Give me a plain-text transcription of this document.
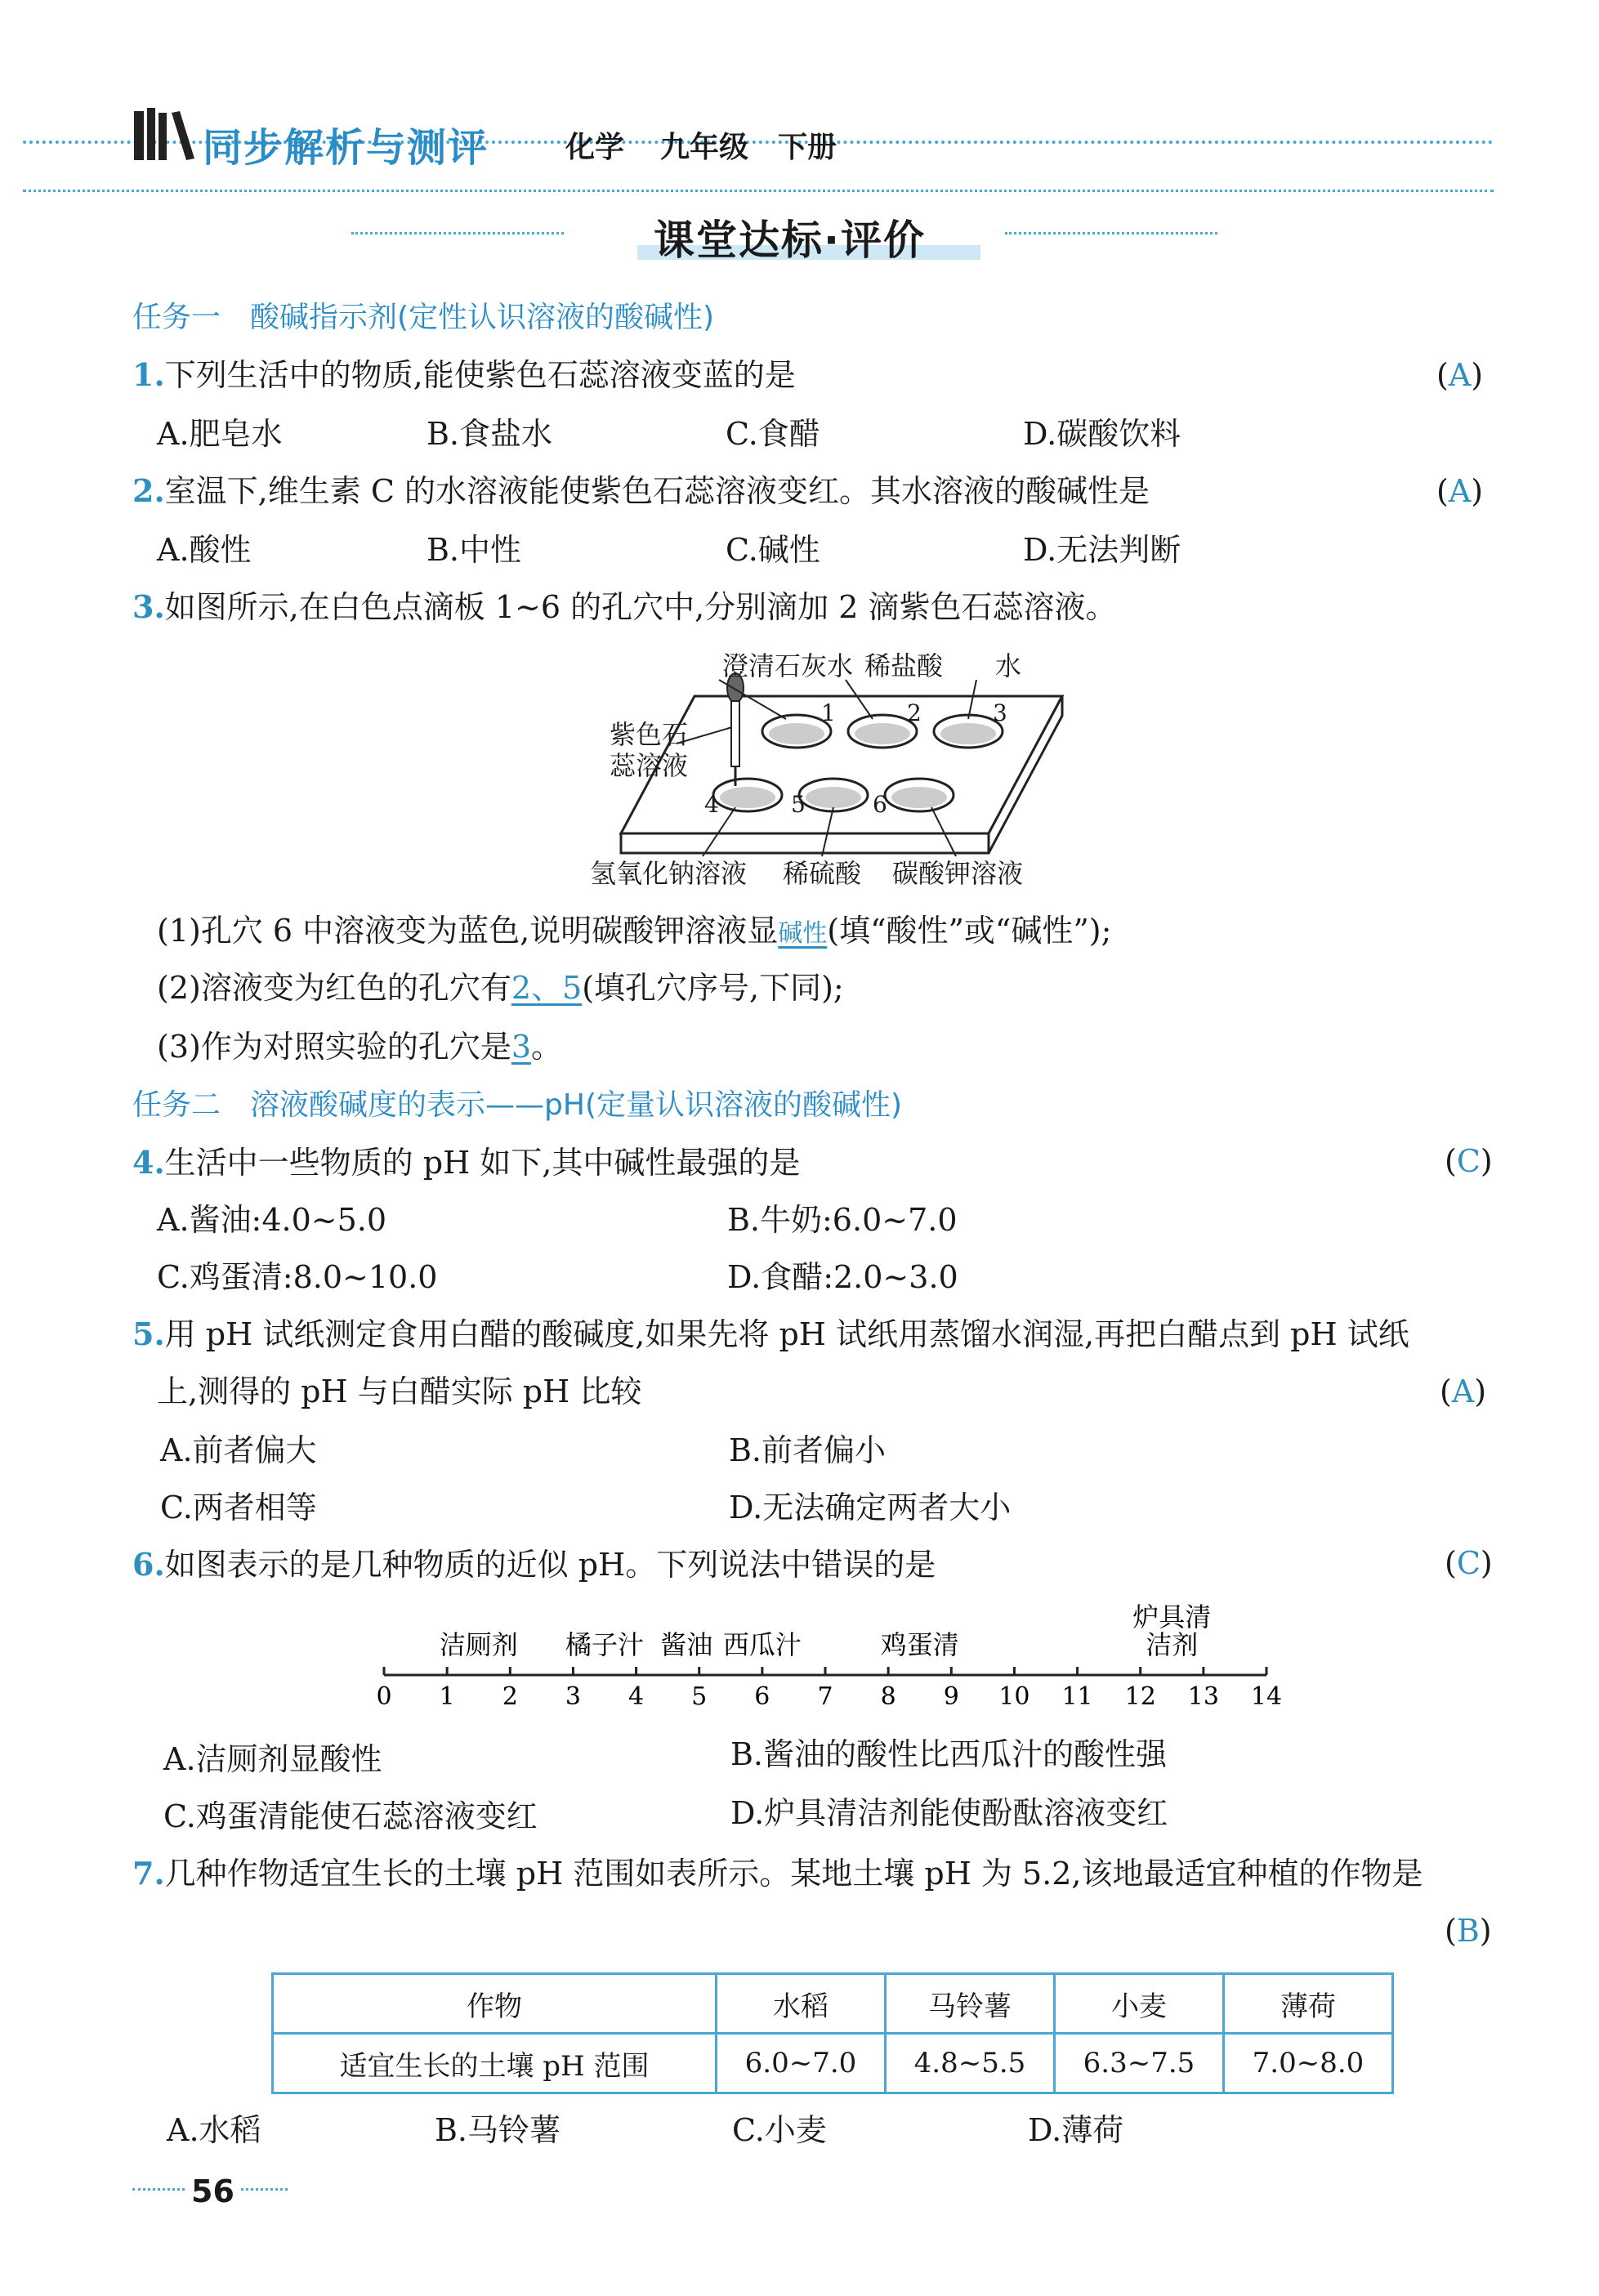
同步解析与测评	化学 九年级 下册
课堂达标·评价
任务一　酸碱指示剂(定性认识溶液的酸碱性)
1.下列生活中的物质,能使紫色石蕊溶液变蓝的是	(A)
A.肥皂水	B.食盐水	C.食醋	D.碳酸饮料
2.室温下,维生素 C 的水溶液能使紫色石蕊溶液变红。其水溶液的酸碱性是	(A)
A.酸性	B.中性	C.碱性	D.无法判断
3.如图所示,在白色点滴板 1~6 的孔穴中,分别滴加 2 滴紫色石蕊溶液。
澄清石灰水 稀盐酸 水
紫色石
蕊溶液
1	2	3
4	5	6
氢氧化钠溶液 稀硫酸 碳酸钾溶液
(1)孔穴 6 中溶液变为蓝色,说明碳酸钾溶液显碱性(填“酸性”或“碱性”);
(2)溶液变为红色的孔穴有2、5(填孔穴序号,下同);
(3)作为对照实验的孔穴是3。
任务二　溶液酸碱度的表示——pH(定量认识溶液的酸碱性)
4.生活中一些物质的 pH 如下,其中碱性最强的是	(C)
A.酱油:4.0~5.0	B.牛奶:6.0~7.0
C.鸡蛋清:8.0~10.0	D.食醋:2.0~3.0
5.用 pH 试纸测定食用白醋的酸碱度,如果先将 pH 试纸用蒸馏水润湿,再把白醋点到 pH 试纸
上,测得的 pH 与白醋实际 pH 比较	(A)
A.前者偏大	B.前者偏小
C.两者相等	D.无法确定两者大小
6.如图表示的是几种物质的近似 pH。下列说法中错误的是	(C)
0 1 2 3 4 5 6 7 8 9 10 11 12 13 14
洁厕剂 橘子汁 酱油 西瓜汁	鸡蛋清
炉具清
洁剂
A.洁厕剂显酸性	B.酱油的酸性比西瓜汁的酸性强
C.鸡蛋清能使石蕊溶液变红	D.炉具清洁剂能使酚酞溶液变红
7.几种作物适宜生长的土壤 pH 范围如表所示。某地土壤 pH 为 5.2,该地最适宜种植的作物是
(B)
作物	水稻	马铃薯	小麦	薄荷
适宜生长的土壤 pH 范围	6.0~7.0	4.8~5.5	6.3~7.5	7.0~8.0
A.水稻	B.马铃薯	C.小麦	D.薄荷
56
